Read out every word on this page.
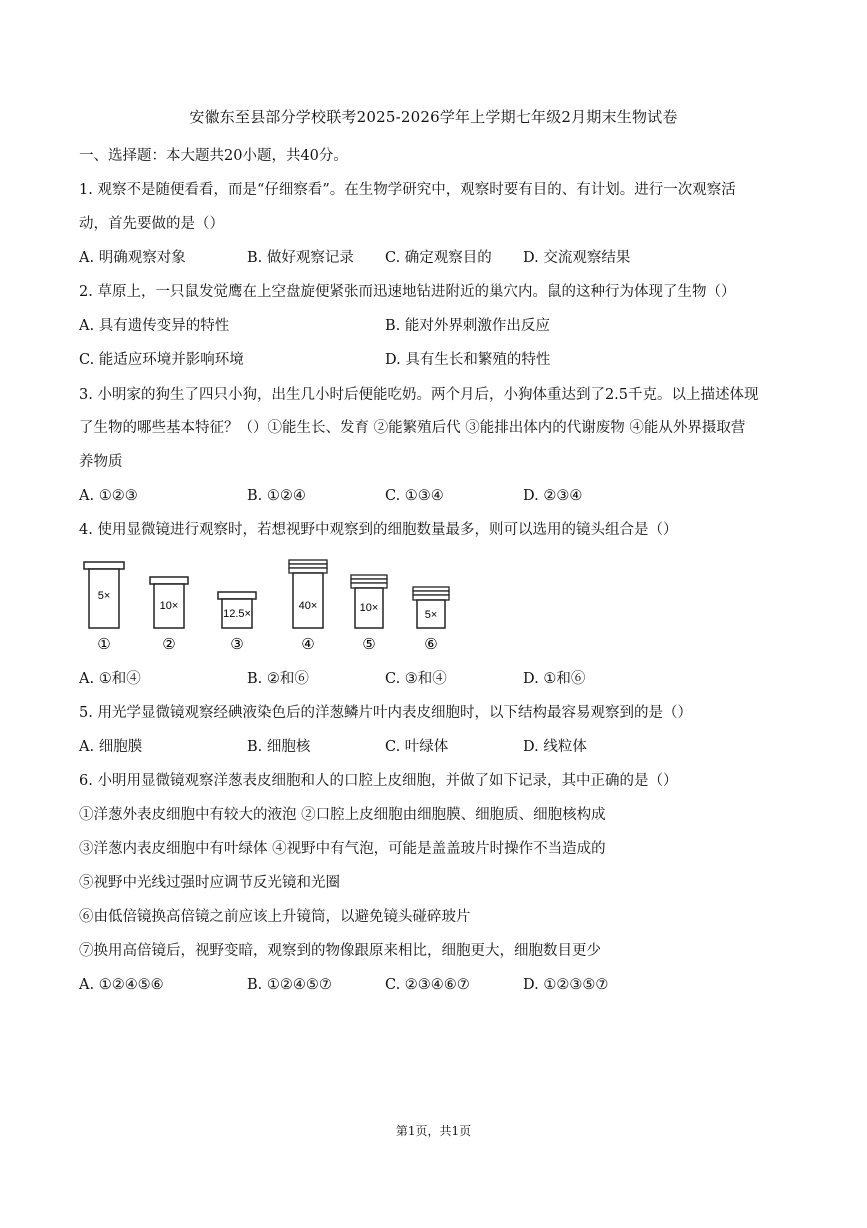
安徽东至县部分学校联考2025-2026学年上学期七年级2月期末生物试卷
一、选择题：本大题共20小题，共40分。
1. 观察不是随便看看，而是“仔细察看”。在生物学研究中，观察时要有目的、有计划。进行一次观察活
动，首先要做的是（）
A. 明确观察对象	B. 做好观察记录 C. 确定观察目的 D. 交流观察结果
2. 草原上，一只鼠发觉鹰在上空盘旋便紧张而迅速地钻进附近的巢穴内。鼠的这种行为体现了生物（）
A. 具有遗传变异的特性	B. 能对外界刺激作出反应
C. 能适应环境并影响环境	D. 具有生长和繁殖的特性
3. 小明家的狗生了四只小狗，出生几小时后便能吃奶。两个月后，小狗体重达到了2.5千克。以上描述体现
了生物的哪些基本特征？（）①能生长、发育 ②能繁殖后代 ③能排出体内的代谢废物 ④能从外界摄取营
养物质
A. ①②③	B. ①②④	C. ①③④	D. ②③④
4. 使用显微镜进行观察时，若想视野中观察到的细胞数量最多，则可以选用的镜头组合是（）
5×
①
10×
②
12.5×
③
40×
④
10×
⑤
5×
⑥
A. ①和④	B. ②和⑥	C. ③和④	D. ①和⑥
5. 用光学显微镜观察经碘液染色后的洋葱鳞片叶内表皮细胞时，以下结构最容易观察到的是（）
A. 细胞膜	B. 细胞核	C. 叶绿体	D. 线粒体
6. 小明用显微镜观察洋葱表皮细胞和人的口腔上皮细胞，并做了如下记录，其中正确的是（）
①洋葱外表皮细胞中有较大的液泡 ②口腔上皮细胞由细胞膜、细胞质、细胞核构成
③洋葱内表皮细胞中有叶绿体 ④视野中有气泡，可能是盖盖玻片时操作不当造成的
⑤视野中光线过强时应调节反光镜和光圈
⑥由低倍镜换高倍镜之前应该上升镜筒，以避免镜头碰碎玻片
⑦换用高倍镜后，视野变暗，观察到的物像跟原来相比，细胞更大，细胞数目更少
A. ①②④⑤⑥	B. ①②④⑤⑦	C. ②③④⑥⑦	D. ①②③⑤⑦
第1页，共1页
